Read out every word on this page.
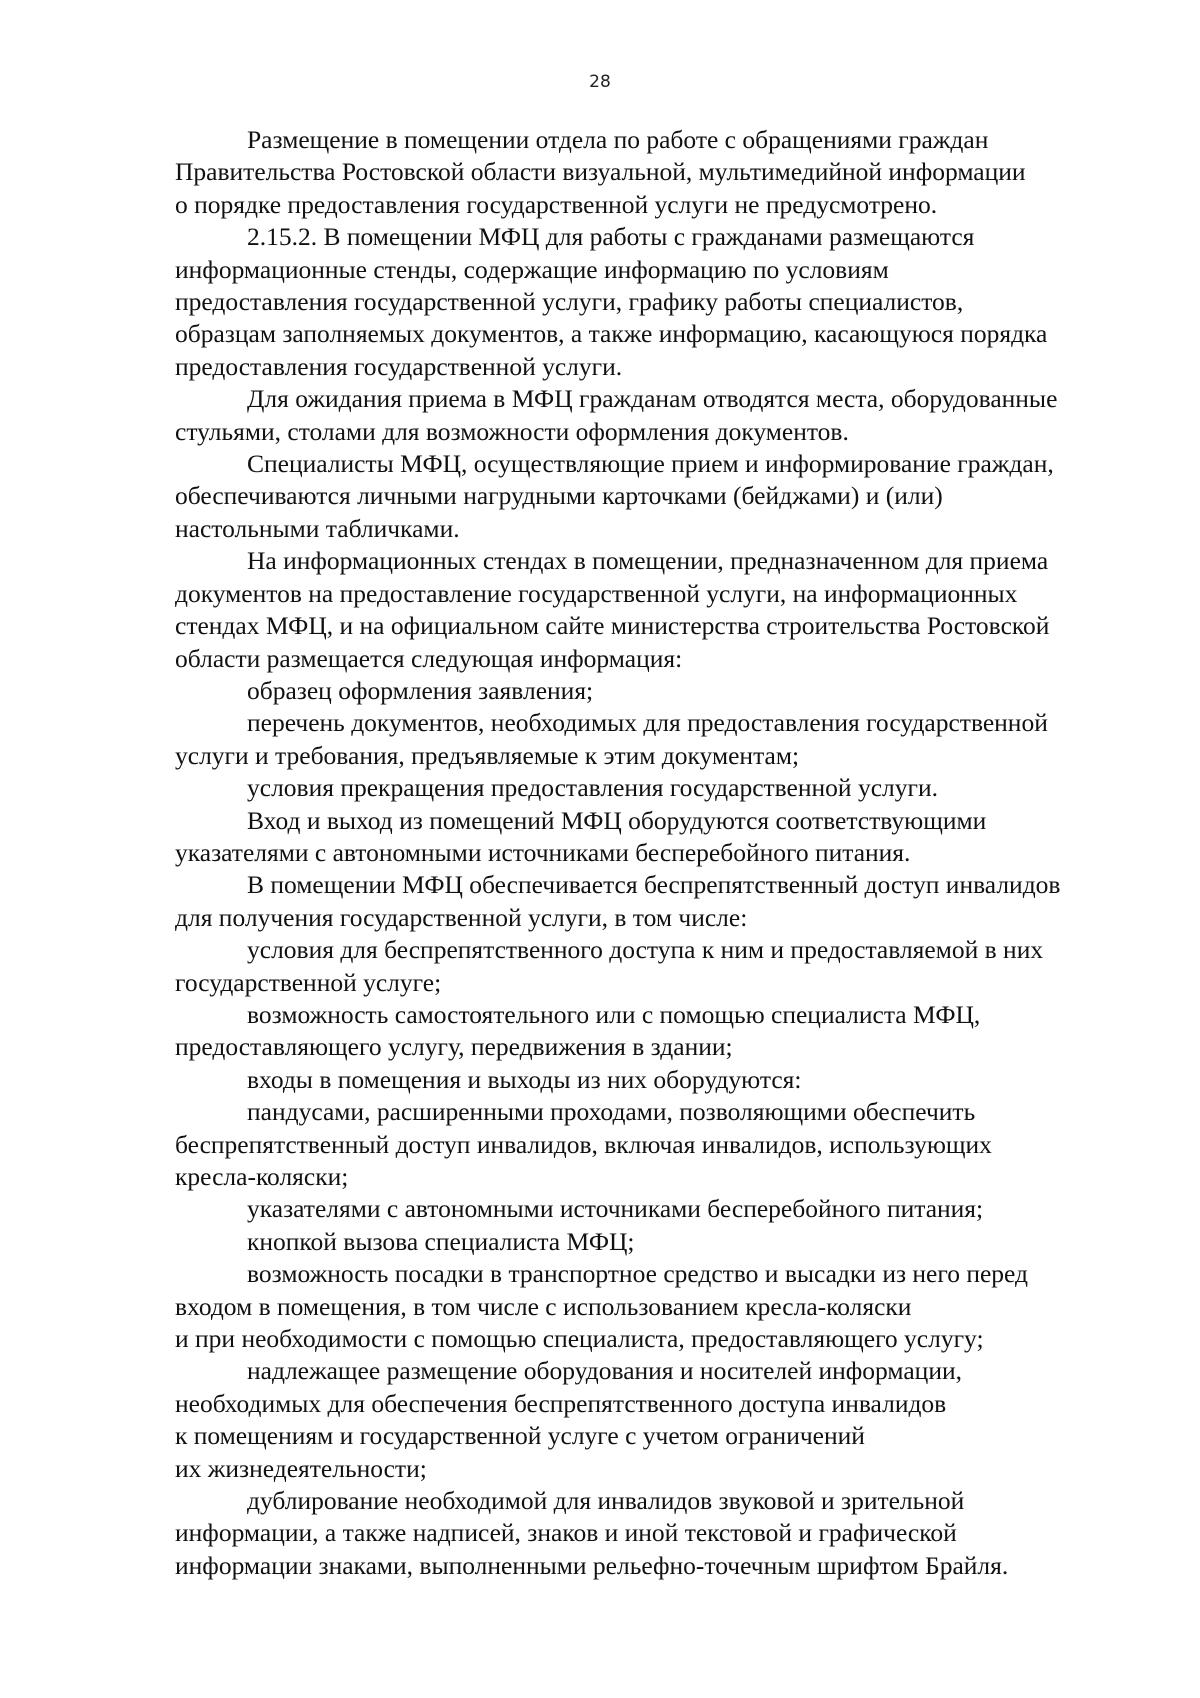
28

Размещение в помещении отдела по работе с обращениями граждан
Правительства Ростовской области визуальной, мультимедийной информации
о порядке предоставления государственной услуги не предусмотрено.

2.15.2. В помещении МФЦ для работы с гражданами размещаются
информационные стенды, содержащие информацию по условиям
предоставления государственной услуги, графику работы специалистов,
образцам заполняемых документов, а также информацию, касающуюся порядка
предоставления государственной услуги.

Для ожидания приема в МФЦ гражданам отводятся места, оборудованные
стульями, столами для возможности оформления документов.

Специалисты МФЦ, осуществляющие прием и информирование граждан,
обеспечиваются личными нагрудными карточками (бейджами) и (или)
настольными табличками.

На информационных стендах в помещении, предназначенном для приема
документов на предоставление государственной услуги, на информационных
стендах МФЦ, и на официальном сайте министерства строительства Ростовской
области размещается следующая информация:

образец оформления заявления;

перечень документов, необходимых для предоставления государственной
услуги и требования, предъявляемые к этим документам;

условия прекращения предоставления государственной услуги.

Вход и выход из помещений МФЦ оборудуются соответствующими
указателями с автономными источниками бесперебойного питания.

В помещении МФЦ обеспечивается беспрепятственный доступ инвалидов
для получения государственной услуги, в том числе:

условия для беспрепятственного доступа к ним и предоставляемой в них
государственной услуге;

возможность самостоятельного или с помощью специалиста МФЦ,
предоставляющего услугу, передвижения в здании;

входы в помещения и выходы из них оборудуются:

пандусами, расширенными проходами, позволяющими обеспечить
беспрепятственный доступ инвалидов, включая инвалидов, использующих
кресла-коляски;

указателями с автономными источниками бесперебойного питания;

кнопкой вызова специалиста МФЦ;

возможность посадки в транспортное средство и высадки из него перед
входом в помещения, в том числе с использованием кресла-коляски
и при необходимости с помощью специалиста, предоставляющего услугу;

надлежащее размещение оборудования и носителей информации,
необходимых для обеспечения беспрепятственного доступа инвалидов
к помещениям и государственной услуге с учетом ограничений
их жизнедеятельности;

дублирование необходимой для инвалидов звуковой и зрительной
информации, а также надписей, знаков и иной текстовой и графической
информации знаками, выполненными рельефно-точечным шрифтом Брайля.
